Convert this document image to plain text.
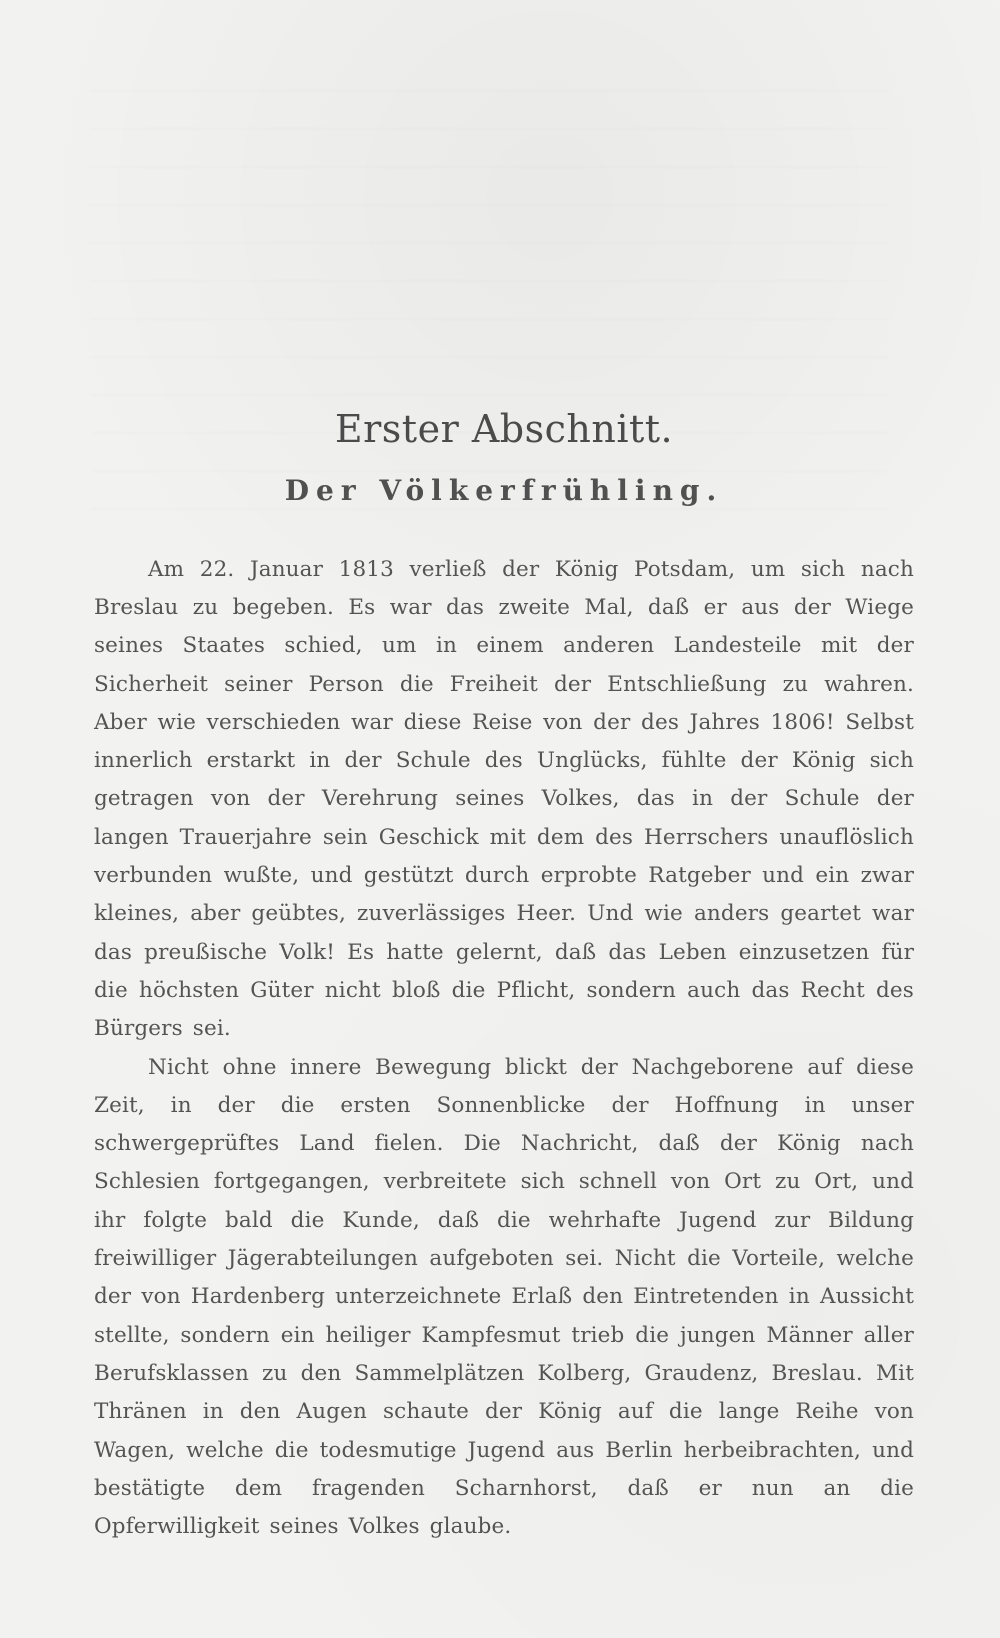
Erster Abschnitt.
Der Völkerfrühling.

Am 22. Januar 1813 verließ der König Potsdam, um sich nach Breslau zu begeben. Es war das zweite Mal, daß er aus der Wiege seines Staates schied, um in einem anderen Landesteile mit der Sicherheit seiner Person die Freiheit der Entschließung zu wahren. Aber wie verschieden war diese Reise von der des Jahres 1806! Selbst innerlich erstarkt in der Schule des Unglücks, fühlte der König sich getragen von der Verehrung seines Volkes, das in der Schule der langen Trauerjahre sein Geschick mit dem des Herrschers unauflöslich verbunden wußte, und gestützt durch erprobte Ratgeber und ein zwar kleines, aber geübtes, zuverlässiges Heer. Und wie anders geartet war das preußische Volk! Es hatte gelernt, daß das Leben einzusetzen für die höchsten Güter nicht bloß die Pflicht, sondern auch das Recht des Bürgers sei.

Nicht ohne innere Bewegung blickt der Nachgeborene auf diese Zeit, in der die ersten Sonnenblicke der Hoffnung in unser schwergeprüftes Land fielen. Die Nachricht, daß der König nach Schlesien fortgegangen, verbreitete sich schnell von Ort zu Ort, und ihr folgte bald die Kunde, daß die wehrhafte Jugend zur Bildung freiwilliger Jägerabteilungen aufgeboten sei. Nicht die Vorteile, welche der von Hardenberg unterzeichnete Erlaß den Eintretenden in Aussicht stellte, sondern ein heiliger Kampfesmut trieb die jungen Männer aller Berufsklassen zu den Sammelplätzen Kolberg, Graudenz, Breslau. Mit Thränen in den Augen schaute der König auf die lange Reihe von Wagen, welche die todesmutige Jugend aus Berlin herbeibrachten, und bestätigte dem fragenden Scharnhorst, daß er nun an die Opferwilligkeit seines Volkes glaube.
